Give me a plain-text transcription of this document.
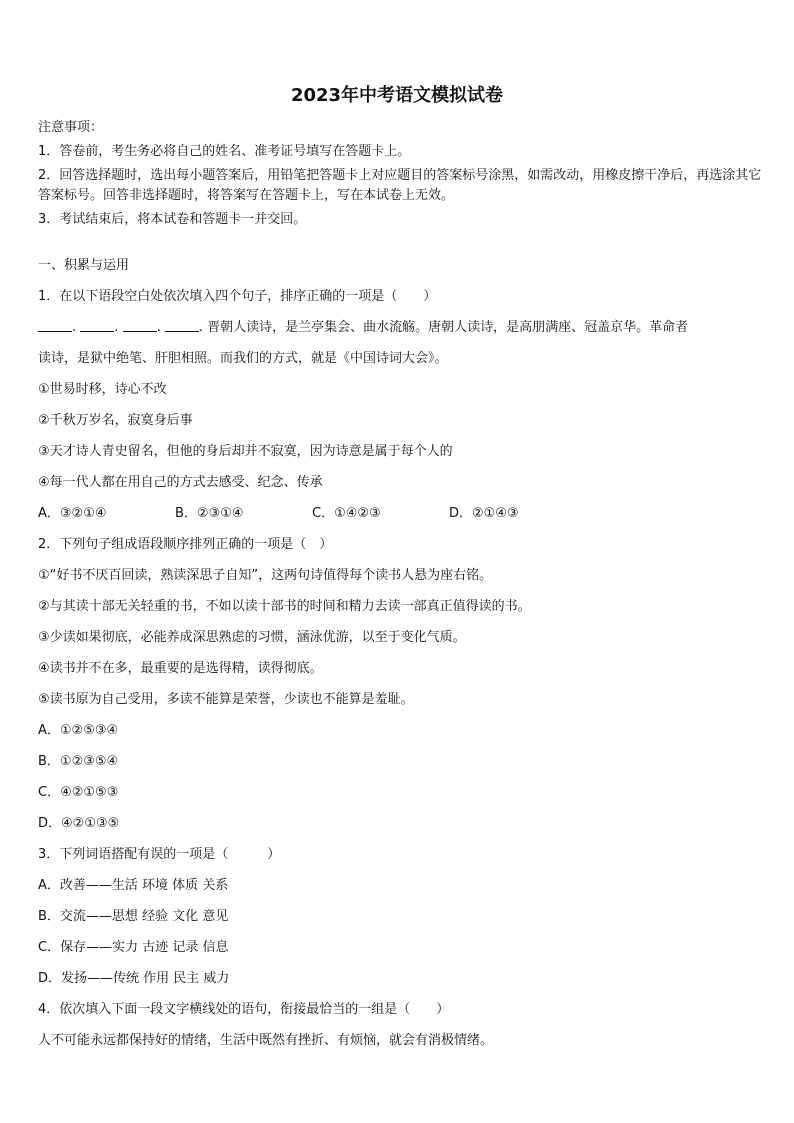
2023年中考语文模拟试卷
注意事项：
1．答卷前，考生务必将自己的姓名、准考证号填写在答题卡上。
2．回答选择题时，选出每小题答案后，用铅笔把答题卡上对应题目的答案标号涂黑，如需改动，用橡皮擦干净后，再选涂其它答案标号。回答非选择题时，将答案写在答题卡上，写在本试卷上无效。
3．考试结束后，将本试卷和答题卡一并交回。
一、积累与运用
1．在以下语段空白处依次填入四个句子，排序正确的一项是（　　）
.	.	.	. 晋朝人读诗，是兰亭集会、曲水流觞。唐朝人读诗，是高朋满座、冠盖京华。革命者
读诗，是狱中绝笔、肝胆相照。而我们的方式，就是《中国诗词大会》。
①世易时移，诗心不改
②千秋万岁名，寂寞身后事
③天才诗人青史留名，但他的身后却并不寂寞，因为诗意是属于每个人的
④每一代人都在用自己的方式去感受、纪念、传承
A．③②①④	B．②③①④	C．①④②③	D．②①④③
2．下列句子组成语段顺序排列正确的一项是（　）
①“好书不厌百回读，熟读深思子自知”，这两句诗值得每个读书人悬为座右铭。
②与其读十部无关轻重的书，不如以读十部书的时间和精力去读一部真正值得读的书。
③少读如果彻底，必能养成深思熟虑的习惯，涵泳优游，以至于变化气质。
④读书并不在多，最重要的是选得精，读得彻底。
⑤读书原为自己受用，多读不能算是荣誉，少读也不能算是羞耻。
A．①②⑤③④
B．①②③⑤④
C．④②①⑤③
D．④②①③⑤
3．下列词语搭配有误的一项是（　　　）
A．改善——生活 环境 体质 关系
B．交流——思想 经验 文化 意见
C．保存——实力 古迹 记录 信息
D．发扬——传统 作用 民主 威力
4．依次填入下面一段文字横线处的语句，衔接最恰当的一组是（　　）
人不可能永远都保持好的情绪，生活中既然有挫折、有烦恼，就会有消极情绪。
